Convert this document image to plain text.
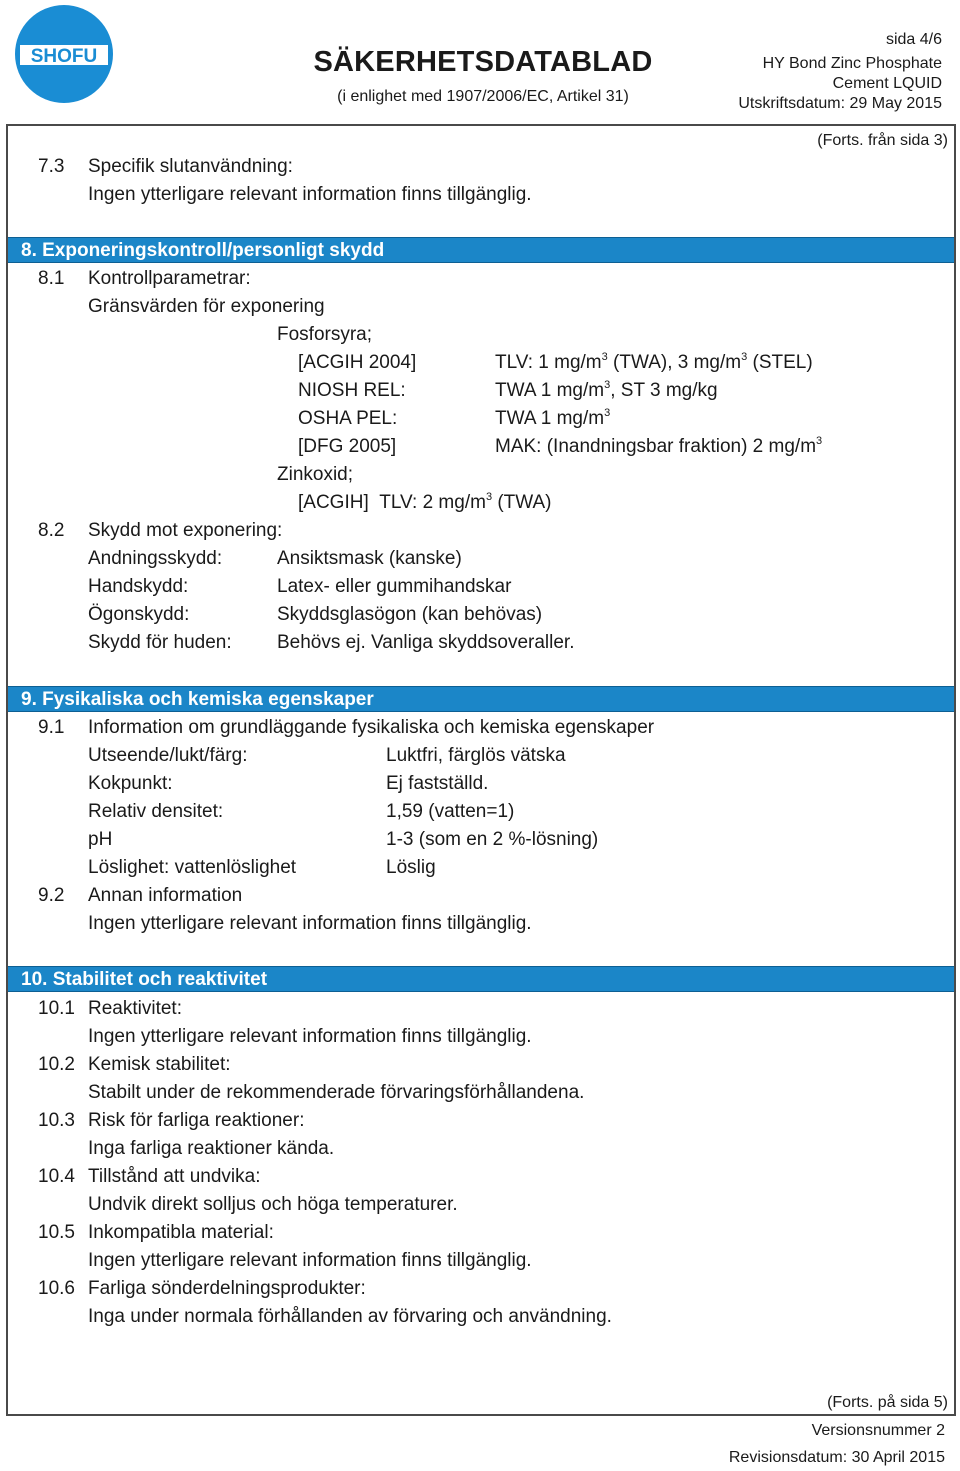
SHOFU	SÄKERHETSDATABLAD
(i enlighet med 1907/2006/EC, Artikel 31)
sida 4/6
HY Bond Zinc Phosphate
Cement LQUID
Utskriftsdatum: 29 May 2015
(Forts. från sida 3)
7.3 Specifik slutanvändning:
Ingen ytterligare relevant information finns tillgänglig.
8. Exponeringskontroll/personligt skydd
8.1 Kontrollparametrar:
Gränsvärden för exponering
Fosforsyra;
[ACGIH 2004]	TLV: 1 $mg/m^3$ (TWA), 3 $mg/m^3$ (STEL)
NIOSH REL:	TWA 1 $mg/m^3$, ST 3 mg/kg
OSHA PEL:	TWA 1 $mg/m^3$
[DFG 2005]	MAK: (Inandningsbar fraktion) 2 $mg/m^3$
Zinkoxid;
[ACGIH] TLV: 2 $mg/m^3$ (TWA)
8.2 Skydd mot exponering:
Andningsskydd:	Ansiktsmask (kanske)
Handskydd:	Latex- eller gummihandskar
Ögonskydd:	Skyddsglasögon (kan behövas)
Skydd för huden: Behövs ej. Vanliga skyddsoveraller.
9. Fysikaliska och kemiska egenskaper
9.1 Information om grundläggande fysikaliska och kemiska egenskaper
Utseende/lukt/färg:	Luktfri, färglös vätska
Kokpunkt:	Ej fastställd.
Relativ densitet:	1,59 (vatten=1)
pH	1-3 (som en 2 %-lösning)
Löslighet: vattenlöslighet	Löslig
9.2 Annan information
Ingen ytterligare relevant information finns tillgänglig.
10. Stabilitet och reaktivitet
10.1 Reaktivitet:
Ingen ytterligare relevant information finns tillgänglig.
10.2 Kemisk stabilitet:
Stabilt under de rekommenderade förvaringsförhållandena.
10.3 Risk för farliga reaktioner:
Inga farliga reaktioner kända.
10.4 Tillstånd att undvika:
Undvik direkt solljus och höga temperaturer.
10.5 Inkompatibla material:
Ingen ytterligare relevant information finns tillgänglig.
10.6 Farliga sönderdelningsprodukter:
Inga under normala förhållanden av förvaring och användning.
(Forts. på sida 5)
Versionsnummer 2
Revisionsdatum: 30 April 2015
